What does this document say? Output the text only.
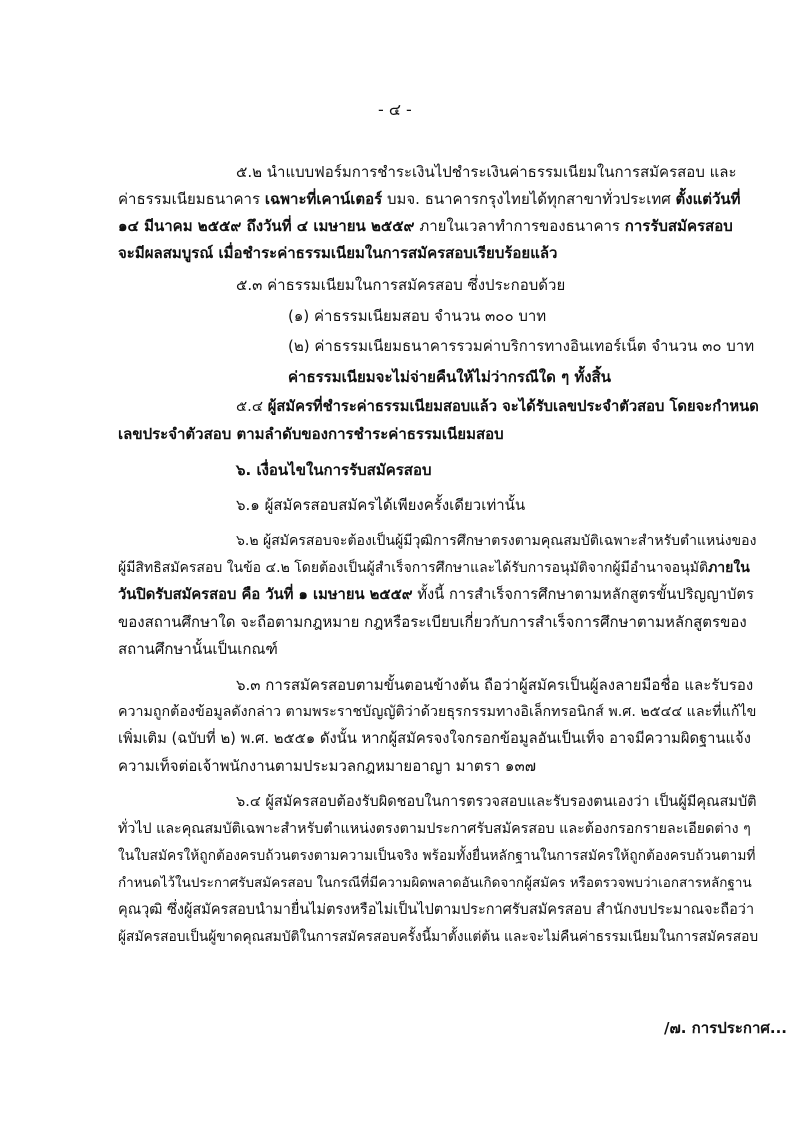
- ๔ -
๕.๒ นำแบบฟอร์มการชำระเงินไปชำระเงินค่าธรรมเนียมในการสมัครสอบ และ
ค่าธรรมเนียมธนาคาร เฉพาะที่เคาน์เตอร์ บมจ. ธนาคารกรุงไทยได้ทุกสาขาทั่วประเทศ ตั้งแต่วันที่
๑๔ มีนาคม ๒๕๕๙ ถึงวันที่ ๔ เมษายน ๒๕๕๙ ภายในเวลาทำการของธนาคาร การรับสมัครสอบ
จะมีผลสมบูรณ์ เมื่อชำระค่าธรรมเนียมในการสมัครสอบเรียบร้อยแล้ว
๕.๓ ค่าธรรมเนียมในการสมัครสอบ ซึ่งประกอบด้วย
(๑) ค่าธรรมเนียมสอบ จำนวน ๓๐๐ บาท
(๒) ค่าธรรมเนียมธนาคารรวมค่าบริการทางอินเทอร์เน็ต จำนวน ๓๐ บาท
ค่าธรรมเนียมจะไม่จ่ายคืนให้ไม่ว่ากรณีใด ๆ ทั้งสิ้น
๕.๔ ผู้สมัครที่ชำระค่าธรรมเนียมสอบแล้ว จะได้รับเลขประจำตัวสอบ โดยจะกำหนด
เลขประจำตัวสอบ ตามลำดับของการชำระค่าธรรมเนียมสอบ
๖. เงื่อนไขในการรับสมัครสอบ
๖.๑ ผู้สมัครสอบสมัครได้เพียงครั้งเดียวเท่านั้น
๖.๒ ผู้สมัครสอบจะต้องเป็นผู้มีวุฒิการศึกษาตรงตามคุณสมบัติเฉพาะสำหรับตำแหน่งของ
ผู้มีสิทธิสมัครสอบ ในข้อ ๔.๒ โดยต้องเป็นผู้สำเร็จการศึกษาและได้รับการอนุมัติจากผู้มีอำนาจอนุมัติภายใน
วันปิดรับสมัครสอบ คือ วันที่ ๑ เมษายน ๒๕๕๙ ทั้งนี้ การสำเร็จการศึกษาตามหลักสูตรขั้นปริญญาบัตร
ของสถานศึกษาใด จะถือตามกฎหมาย กฎหรือระเบียบเกี่ยวกับการสำเร็จการศึกษาตามหลักสูตรของ
สถานศึกษานั้นเป็นเกณฑ์
๖.๓ การสมัครสอบตามขั้นตอนข้างต้น ถือว่าผู้สมัครเป็นผู้ลงลายมือชื่อ และรับรอง
ความถูกต้องข้อมูลดังกล่าว ตามพระราชบัญญัติว่าด้วยธุรกรรมทางอิเล็กทรอนิกส์ พ.ศ. ๒๕๔๔ และที่แก้ไข
เพิ่มเติม (ฉบับที่ ๒) พ.ศ. ๒๕๕๑ ดังนั้น หากผู้สมัครจงใจกรอกข้อมูลอันเป็นเท็จ อาจมีความผิดฐานแจ้ง
ความเท็จต่อเจ้าพนักงานตามประมวลกฎหมายอาญา มาตรา ๑๓๗
๖.๔ ผู้สมัครสอบต้องรับผิดชอบในการตรวจสอบและรับรองตนเองว่า เป็นผู้มีคุณสมบัติ
ทั่วไป และคุณสมบัติเฉพาะสำหรับตำแหน่งตรงตามประกาศรับสมัครสอบ และต้องกรอกรายละเอียดต่าง ๆ
ในใบสมัครให้ถูกต้องครบถ้วนตรงตามความเป็นจริง พร้อมทั้งยื่นหลักฐานในการสมัครให้ถูกต้องครบถ้วนตามที่
กำหนดไว้ในประกาศรับสมัครสอบ ในกรณีที่มีความผิดพลาดอันเกิดจากผู้สมัคร หรือตรวจพบว่าเอกสารหลักฐาน
คุณวุฒิ ซึ่งผู้สมัครสอบนำมายื่นไม่ตรงหรือไม่เป็นไปตามประกาศรับสมัครสอบ สำนักงบประมาณจะถือว่า
ผู้สมัครสอบเป็นผู้ขาดคุณสมบัติในการสมัครสอบครั้งนี้มาตั้งแต่ต้น และจะไม่คืนค่าธรรมเนียมในการสมัครสอบ
/๗. การประกาศ...
